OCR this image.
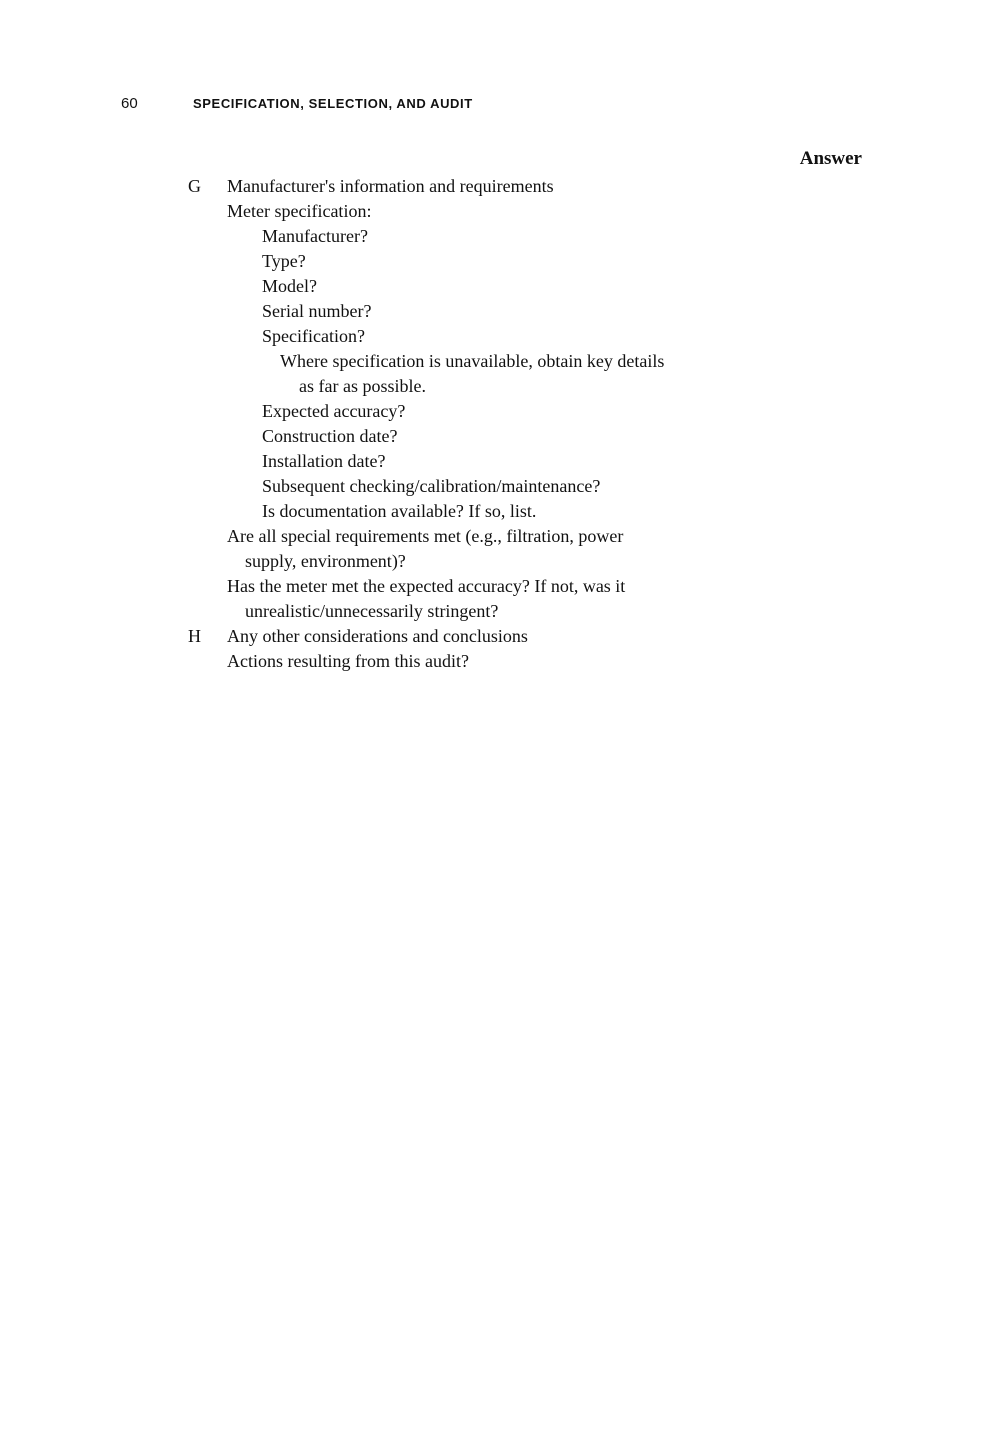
60	SPECIFICATION, SELECTION, AND AUDIT
Answer
G Manufacturer's information and requirements
Meter specification:
Manufacturer?
Type?
Model?
Serial number?
Specification?
Where specification is unavailable, obtain key details
as far as possible.
Expected accuracy?
Construction date?
Installation date?
Subsequent checking/calibration/maintenance?
Is documentation available? If so, list.
Are all special requirements met (e.g., filtration, power
supply, environment)?
Has the meter met the expected accuracy? If not, was it
unrealistic/unnecessarily stringent?
H Any other considerations and conclusions
Actions resulting from this audit?
